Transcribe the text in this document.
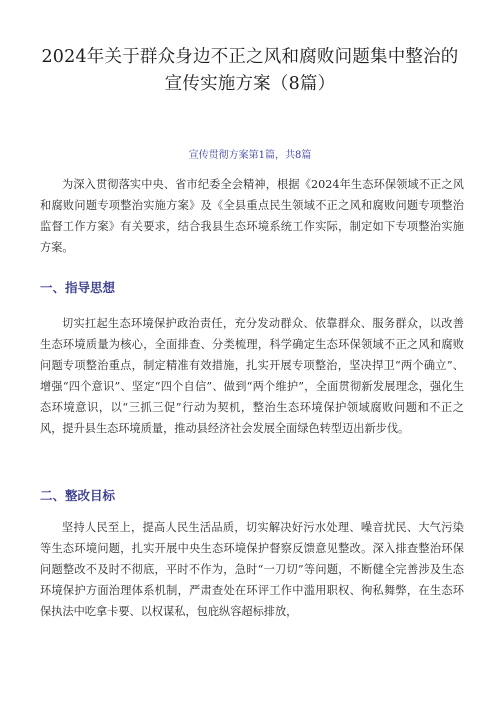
2024年关于群众身边不正之风和腐败问题集中整治的
宣传实施方案（8篇）

宣传贯彻方案第1篇，共8篇

为深入贯彻落实中央、省市纪委全会精神，根据《2024年生态环保领域不正之风和腐败问题专项整治实施方案》及《全县重点民生领域不正之风和腐败问题专项整治监督工作方案》有关要求，结合我县生态环境系统工作实际，制定如下专项整治实施方案。

一、指导思想

切实扛起生态环境保护政治责任，充分发动群众、依靠群众、服务群众，以改善生态环境质量为核心，全面排查、分类梳理，科学确定生态环保领域不正之风和腐败问题专项整治重点，制定精准有效措施，扎实开展专项整治，坚决捍卫“两个确立”、增强“四个意识”、坚定“四个自信”、做到“两个维护”，全面贯彻新发展理念，强化生态环境意识，以“三抓三促”行动为契机，整治生态环境保护领域腐败问题和不正之风，提升县生态环境质量，推动县经济社会发展全面绿色转型迈出新步伐。

二、整改目标

坚持人民至上，提高人民生活品质，切实解决好污水处理、噪音扰民、大气污染等生态环境问题，扎实开展中央生态环境保护督察反馈意见整改。深入排查整治环保问题整改不及时不彻底，平时不作为，急时“一刀切”等问题，不断健全完善涉及生态环境保护方面治理体系机制，严肃查处在环评工作中滥用职权、徇私舞弊，在生态环保执法中吃拿卡要、以权谋私，包庇纵容超标排放，
